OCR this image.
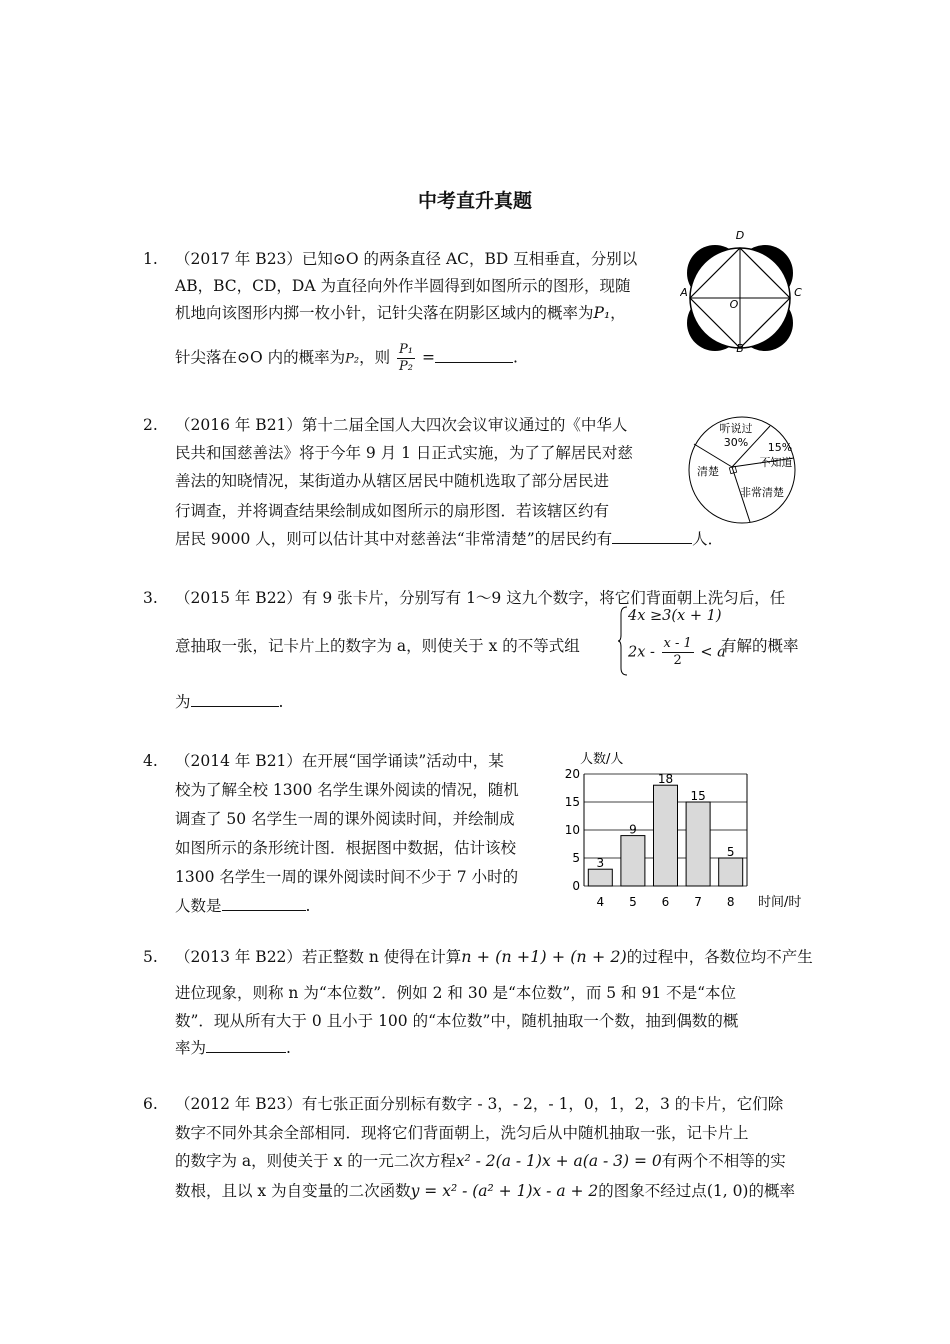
中考直升真题
1. （2017 年 B23）已知⊙O 的两条直径 AC，BD 互相垂直，分别以
AB，BC，CD，DA 为直径向外作半圆得到如图所示的图形，现随
机地向该图形内掷一枚小针，记针尖落在阴影区域内的概率为P₁，
针尖落在⊙O 内的概率为P₂，则 $\frac{\text{P₁}}{\text{P₂}}$ =	.
D
A
O
C
B
2. （2016 年 B21）第十二届全国人大四次会议审议通过的《中华人
民共和国慈善法》将于今年 9 月 1 日正式实施，为了了解居民对慈
善法的知晓情况，某街道办从辖区居民中随机选取了部分居民进
行调查，并将调查结果绘制成如图所示的扇形图．若该辖区约有
居民 9000 人，则可以估计其中对慈善法“非常清楚”的居民约有	人．
听说过
30% 15%
不知道
清楚
非常清楚
3. （2015 年 B22）有 9 张卡片，分别写有 1～9 这九个数字，将它们背面朝上洗匀后，任
意抽取一张，记卡片上的数字为 a，则使关于 x 的不等式组
4x ≥3(x + 1)
$2x - \frac{x - 1}{2} < a$
有解的概率
为	.
4. （2014 年 B21）在开展“国学诵读”活动中，某
校为了解全校 1300 名学生课外阅读的情况，随机
调查了 50 名学生一周的课外阅读时间，并绘制成
如图所示的条形统计图．根据图中数据，估计该校
1300 名学生一周的课外阅读时间不少于 7 小时的
人数是	.
0
5
10
15
20
3
4
9
5
18
6
15
7
5
8
人数/人
时间/时
5. （2013 年 B22）若正整数 n 使得在计算n + (n +1) + (n + 2)的过程中，各数位均不产生
进位现象，则称 n 为“本位数”．例如 2 和 30 是“本位数”，而 5 和 91 不是“本位
数”．现从所有大于 0 且小于 100 的“本位数”中，随机抽取一个数，抽到偶数的概
率为	.
6. （2012 年 B23）有七张正面分别标有数字 - 3，- 2，- 1，0，1，2，3 的卡片，它们除
数字不同外其余全部相同．现将它们背面朝上，洗匀后从中随机抽取一张，记卡片上
的数字为 a，则使关于 x 的一元二次方程x² - 2(a - 1)x + a(a - 3) = 0有两个不相等的实
数根，且以 x 为自变量的二次函数y = x² - (a² + 1)x - a + 2的图象不经过点(1, 0)的概率
